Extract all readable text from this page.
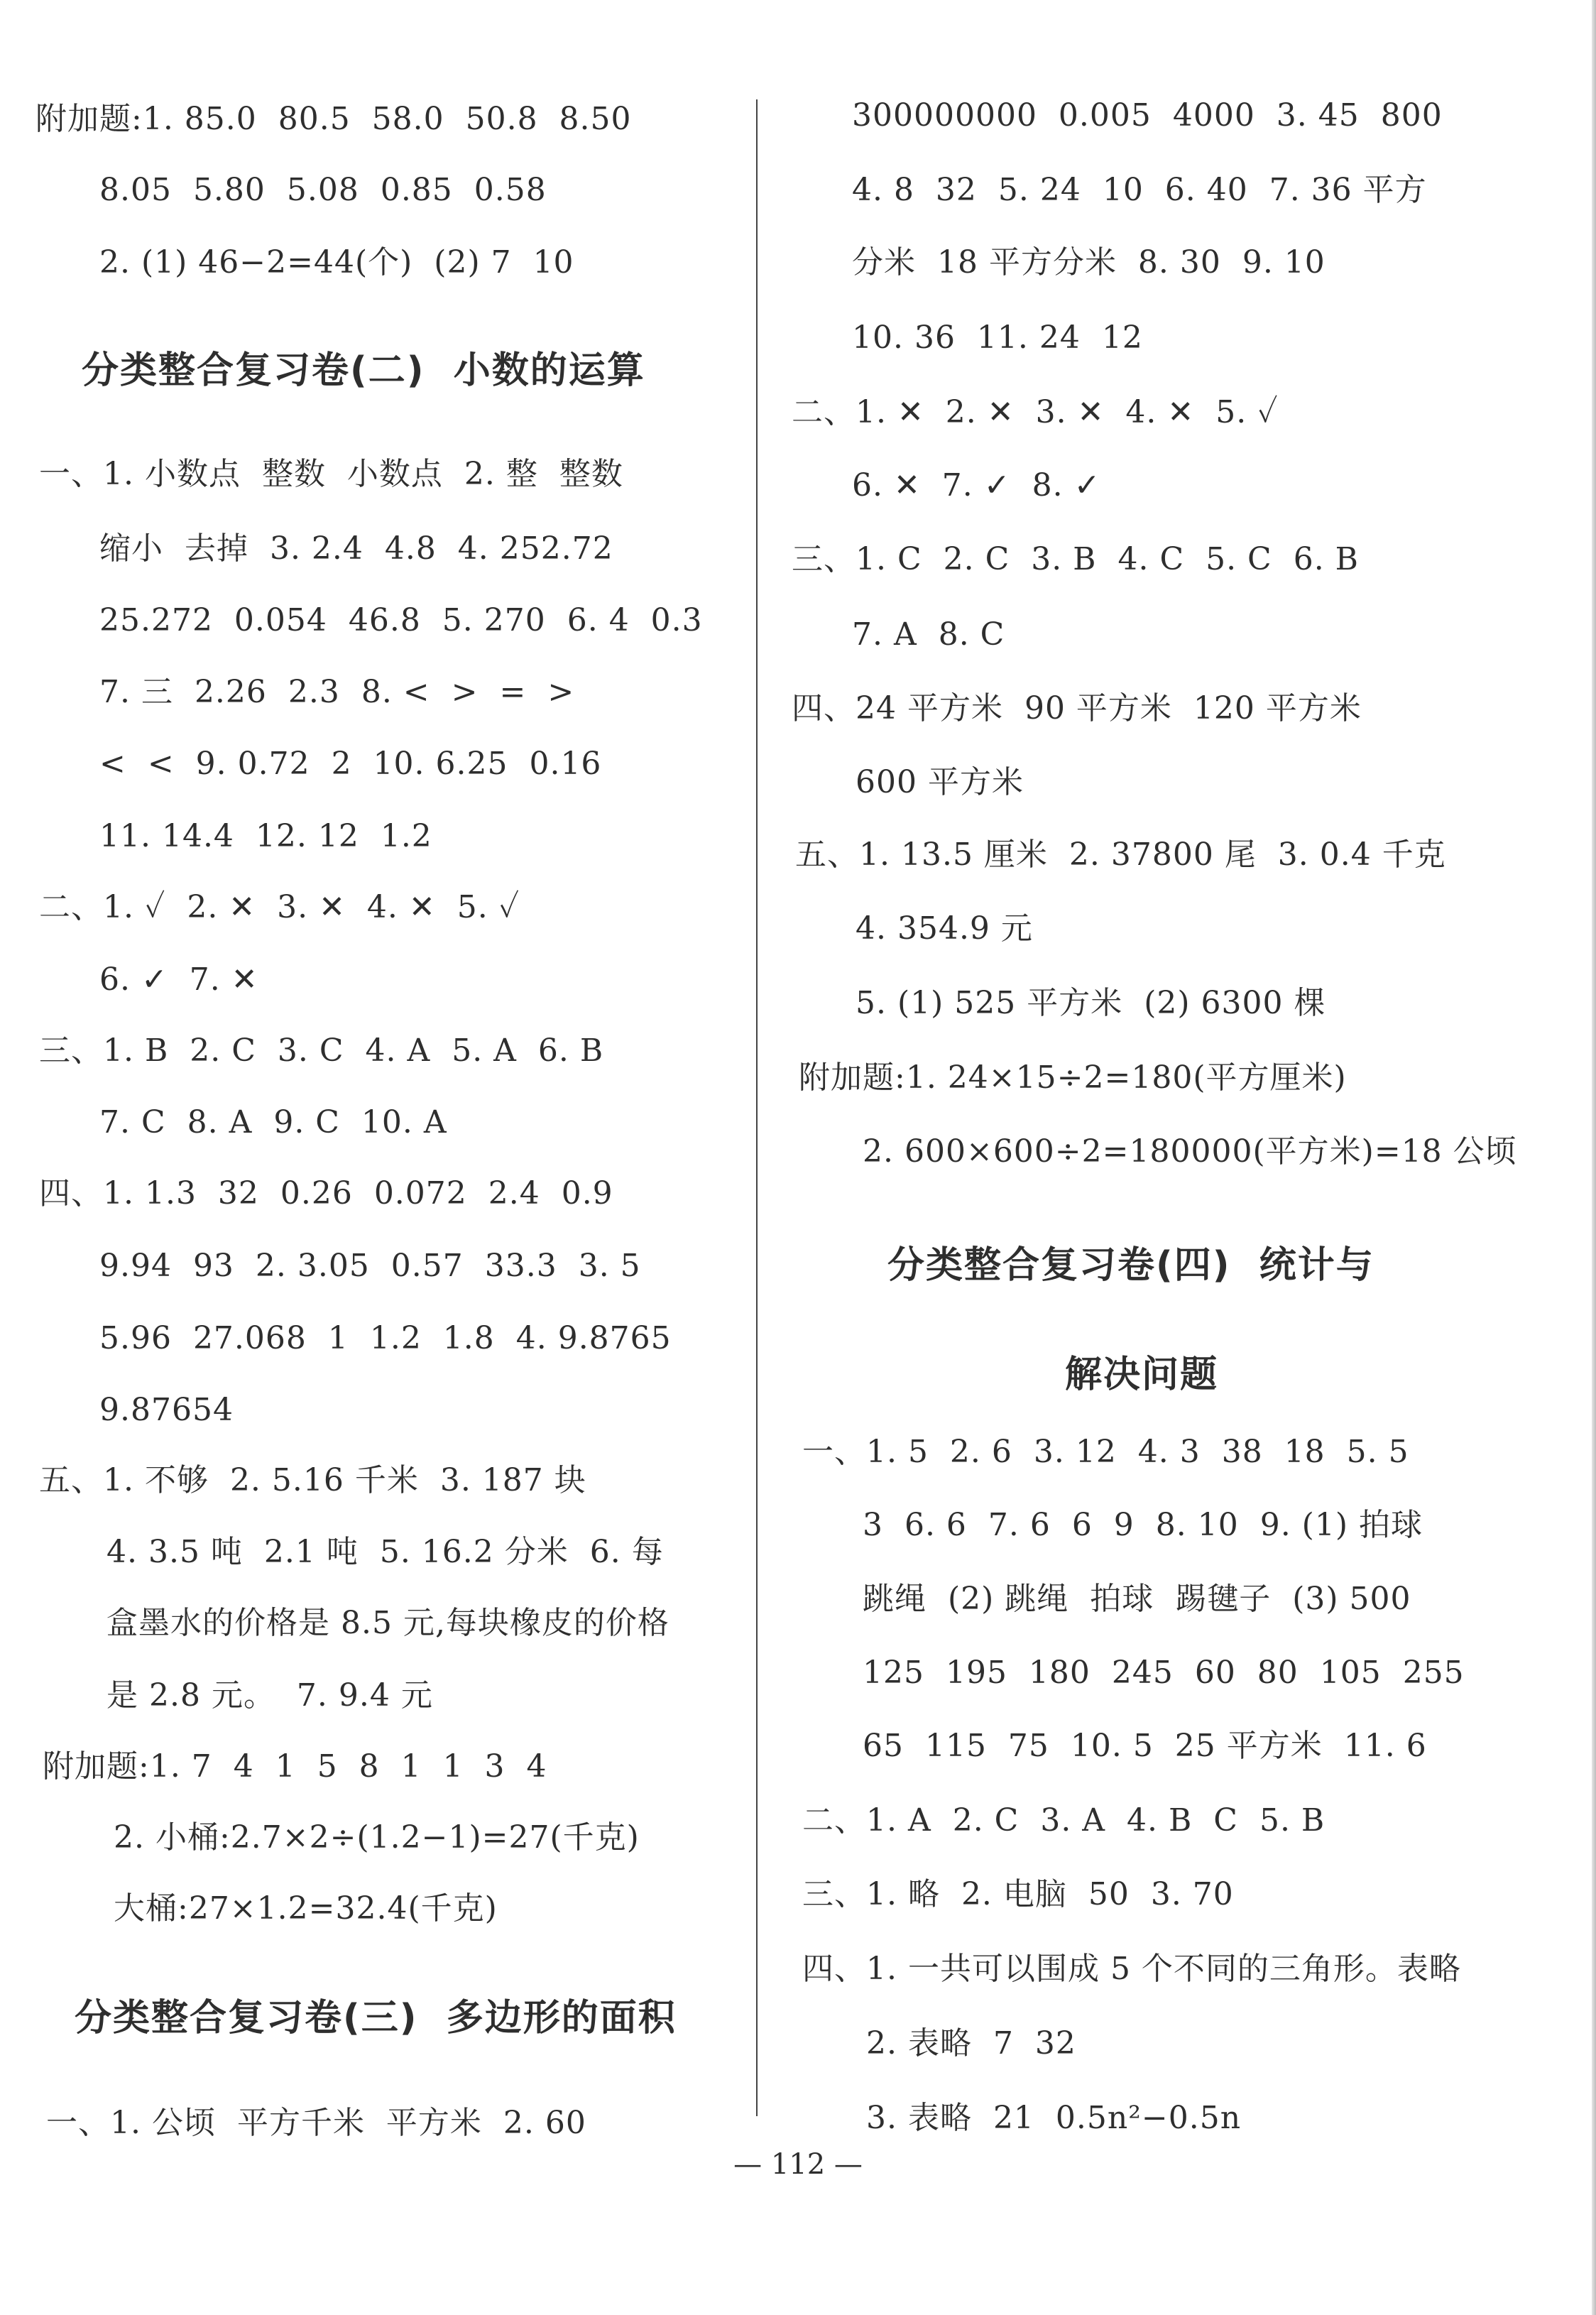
附加题:1. 85.0  80.5  58.0  50.8  8.50
8.05  5.80  5.08  0.85  0.58
2. (1) 46−2=44(个)  (2) 7  10
分类整合复习卷(二)  小数的运算
一、1. 小数点  整数  小数点  2. 整  整数
缩小  去掉  3. 2.4  4.8  4. 252.72
25.272  0.054  46.8  5. 270  6. 4  0.3
7. 三  2.26  2.3  8. <  >  =  >
<  <  9. 0.72  2  10. 6.25  0.16
11. 14.4  12. 12  1.2
二、1. ✓  2. ✕  3. ✕  4. ✕  5. ✓
6. ✓  7. ✕
三、1. B  2. C  3. C  4. A  5. A  6. B
7. C  8. A  9. C  10. A
四、1. 1.3  32  0.26  0.072  2.4  0.9
9.94  93  2. 3.05  0.57  33.3  3. 5
5.96  27.068  1  1.2  1.8  4. 9.8765
9.87654
五、1. 不够  2. 5.16 千米  3. 187 块
4. 3.5 吨  2.1 吨  5. 16.2 分米  6. 每
盒墨水的价格是 8.5 元,每块橡皮的价格
是 2.8 元。  7. 9.4 元
附加题:1. 7  4  1  5  8  1  1  3  4
2. 小桶:2.7×2÷(1.2−1)=27(千克)
大桶:27×1.2=32.4(千克)
分类整合复习卷(三)  多边形的面积
一、1. 公顷  平方千米  平方米  2. 60
300000000  0.005  4000  3. 45  800
4. 8  32  5. 24  10  6. 40  7. 36 平方
分米  18 平方分米  8. 30  9. 10
10. 36  11. 24  12
二、1. ✕  2. ✕  3. ✕  4. ✕  5. ✓
6. ✕  7. ✓  8. ✓
三、1. C  2. C  3. B  4. C  5. C  6. B
7. A  8. C
四、24 平方米  90 平方米  120 平方米
600 平方米
五、1. 13.5 厘米  2. 37800 尾  3. 0.4 千克
4. 354.9 元
5. (1) 525 平方米  (2) 6300 棵
附加题:1. 24×15÷2=180(平方厘米)
2. 600×600÷2=180000(平方米)=18 公顷
分类整合复习卷(四)  统计与
解决问题
一、1. 5  2. 6  3. 12  4. 3  38  18  5. 5
3  6. 6  7. 6  6  9  8. 10  9. (1) 拍球
跳绳  (2) 跳绳  拍球  踢毽子  (3) 500
125  195  180  245  60  80  105  255
65  115  75  10. 5  25 平方米  11. 6
二、1. A  2. C  3. A  4. B  C  5. B
三、1. 略  2. 电脑  50  3. 70
四、1. 一共可以围成 5 个不同的三角形。表略
2. 表略  7  32
3. 表略  21  0.5n²−0.5n
— 112 —
